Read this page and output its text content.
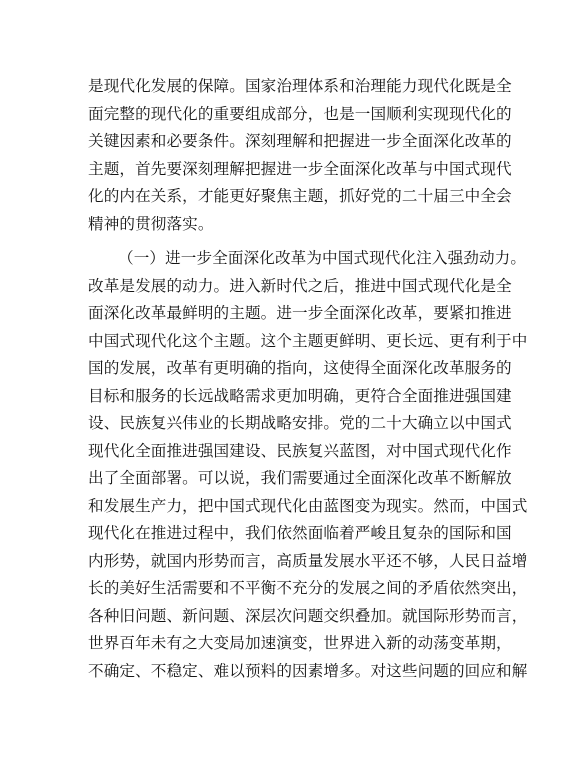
是现代化发展的保障。国家治理体系和治理能力现代化既是全
面完整的现代化的重要组成部分，也是一国顺利实现现代化的
关键因素和必要条件。深刻理解和把握进一步全面深化改革的
主题，首先要深刻理解把握进一步全面深化改革与中国式现代
化的内在关系，才能更好聚焦主题，抓好党的二十届三中全会
精神的贯彻落实。
（一）进一步全面深化改革为中国式现代化注入强劲动力。
改革是发展的动力。进入新时代之后，推进中国式现代化是全
面深化改革最鲜明的主题。进一步全面深化改革，要紧扣推进
中国式现代化这个主题。这个主题更鲜明、更长远、更有利于中
国的发展，改革有更明确的指向，这使得全面深化改革服务的
目标和服务的长远战略需求更加明确，更符合全面推进强国建
设、民族复兴伟业的长期战略安排。党的二十大确立以中国式
现代化全面推进强国建设、民族复兴蓝图，对中国式现代化作
出了全面部署。可以说，我们需要通过全面深化改革不断解放
和发展生产力，把中国式现代化由蓝图变为现实。然而，中国式
现代化在推进过程中，我们依然面临着严峻且复杂的国际和国
内形势，就国内形势而言，高质量发展水平还不够，人民日益增
长的美好生活需要和不平衡不充分的发展之间的矛盾依然突出，
各种旧问题、新问题、深层次问题交织叠加。就国际形势而言，
世界百年未有之大变局加速演变，世界进入新的动荡变革期，
不确定、不稳定、难以预料的因素增多。对这些问题的回应和解
